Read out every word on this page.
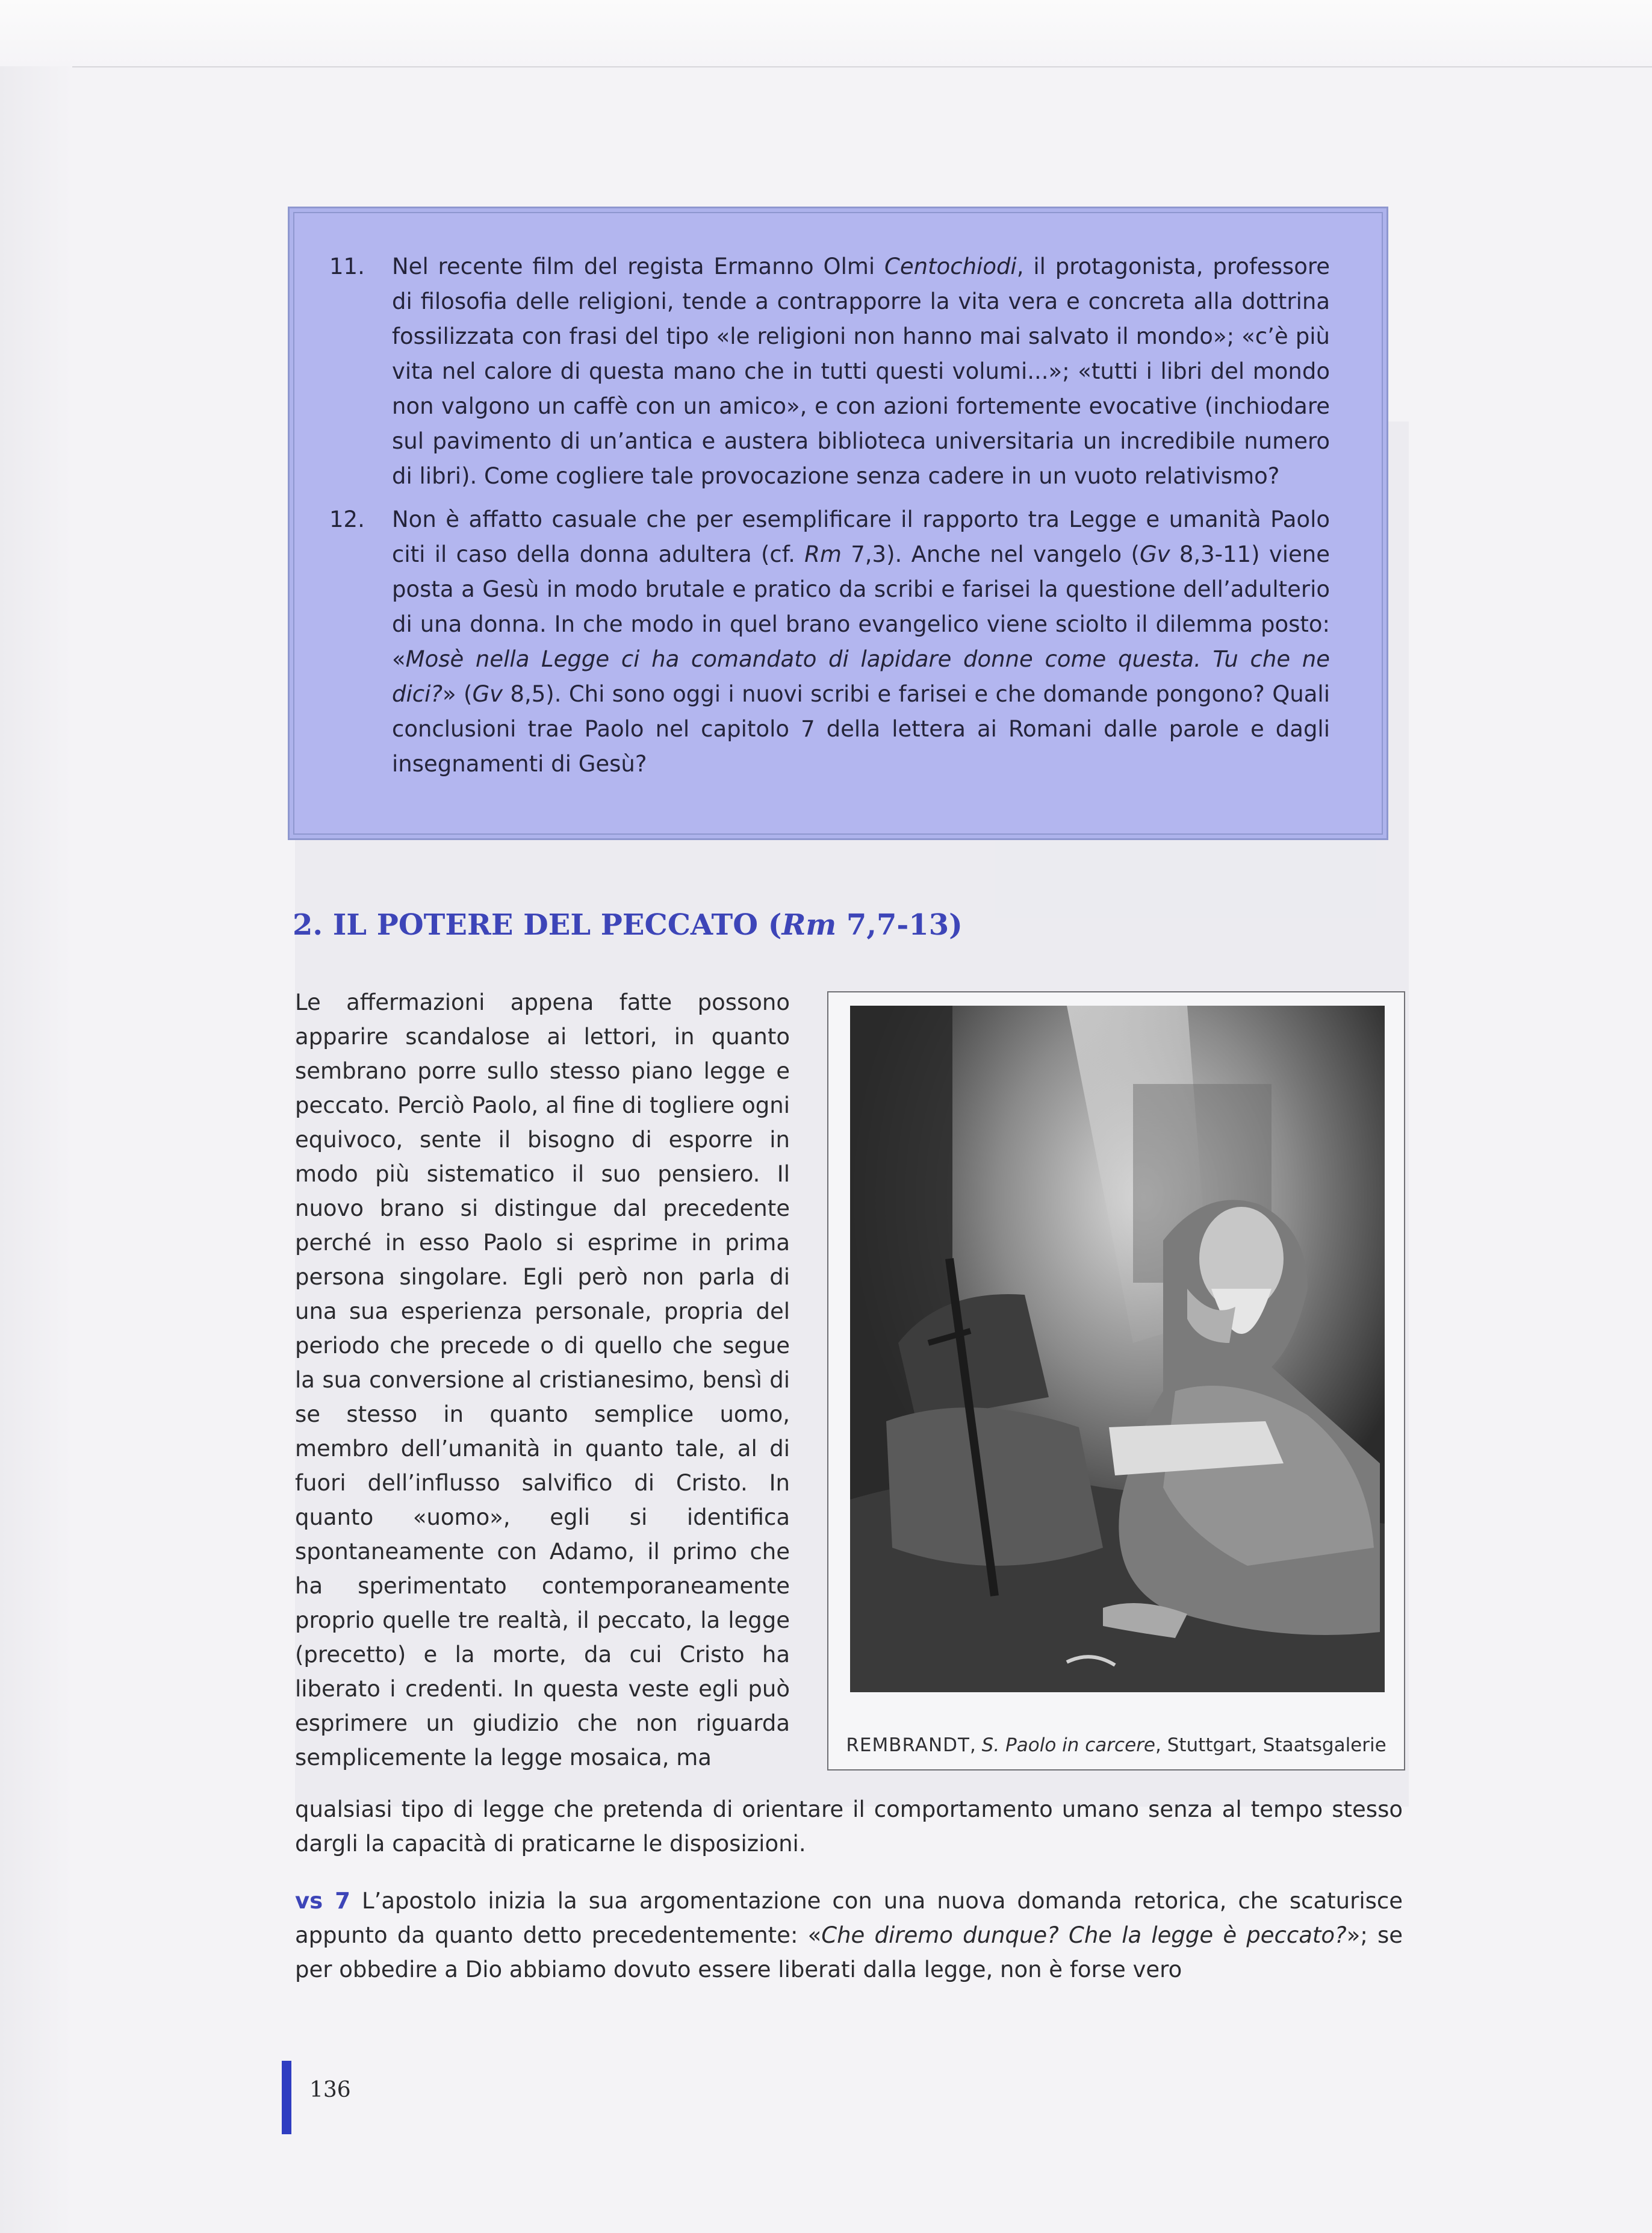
11.	Nel recente film del regista Ermanno Olmi Centochiodi, il protagonista, professore di filosofia delle religioni, tende a contrapporre la vita vera e concreta alla dottrina fossilizzata con frasi del tipo «le religioni non hanno mai salvato il mondo»; «c’è più vita nel calore di questa mano che in tutti questi volumi...»; «tutti i libri del mondo non valgono un caffè con un amico», e con azioni fortemente evocative (inchiodare sul pavimento di un’antica e austera biblioteca universitaria un incredibile numero di libri). Come cogliere tale provocazione senza cadere in un vuoto relativismo?
12.	Non è affatto casuale che per esemplificare il rapporto tra Legge e umanità Paolo citi il caso della donna adultera (cf. Rm 7,3). Anche nel vangelo (Gv 8,3-11) viene posta a Gesù in modo brutale e pratico da scribi e farisei la questione dell’adulterio di una donna. In che modo in quel brano evangelico viene sciolto il dilemma posto: «Mosè nella Legge ci ha comandato di lapidare donne come questa. Tu che ne dici?» (Gv 8,5). Chi sono oggi i nuovi scribi e farisei e che domande pongono? Quali conclusioni trae Paolo nel capitolo 7 della lettera ai Romani dalle parole e dagli insegnamenti di Gesù?
2. IL POTERE DEL PECCATO (Rm 7,7-13)
Le affermazioni appena fatte possono apparire scandalose ai lettori, in quanto sembrano porre sullo stesso piano legge e peccato. Perciò Paolo, al fine di togliere ogni equivoco, sente il bisogno di esporre in modo più sistematico il suo pensiero. Il nuovo brano si distingue dal precedente perché in esso Paolo si esprime in prima persona singolare. Egli però non parla di una sua esperienza personale, propria del periodo che precede o di quello che segue la sua conversione al cristianesimo, bensì di se stesso in quanto semplice uomo, membro dell’umanità in quanto tale, al di fuori dell’influsso salvifico di Cristo. In quanto «uomo», egli si identifica spontaneamente con Adamo, il primo che ha sperimentato contemporaneamente proprio quelle tre realtà, il peccato, la legge (precetto) e la morte, da cui Cristo ha liberato i credenti. In questa veste egli può esprimere un giudizio che non riguarda semplicemente la legge mosaica, ma	REMBRANDT, S. Paolo in carcere, Stuttgart, Staatsgalerie
qualsiasi tipo di legge che pretenda di orientare il comportamento umano senza al tempo stesso dargli la capacità di praticarne le disposizioni.
vs 7 L’apostolo inizia la sua argomentazione con una nuova domanda retorica, che scaturisce appunto da quanto detto precedentemente: «Che diremo dunque? Che la legge è peccato?»; se per obbedire a Dio abbiamo dovuto essere liberati dalla legge, non è forse vero
136
